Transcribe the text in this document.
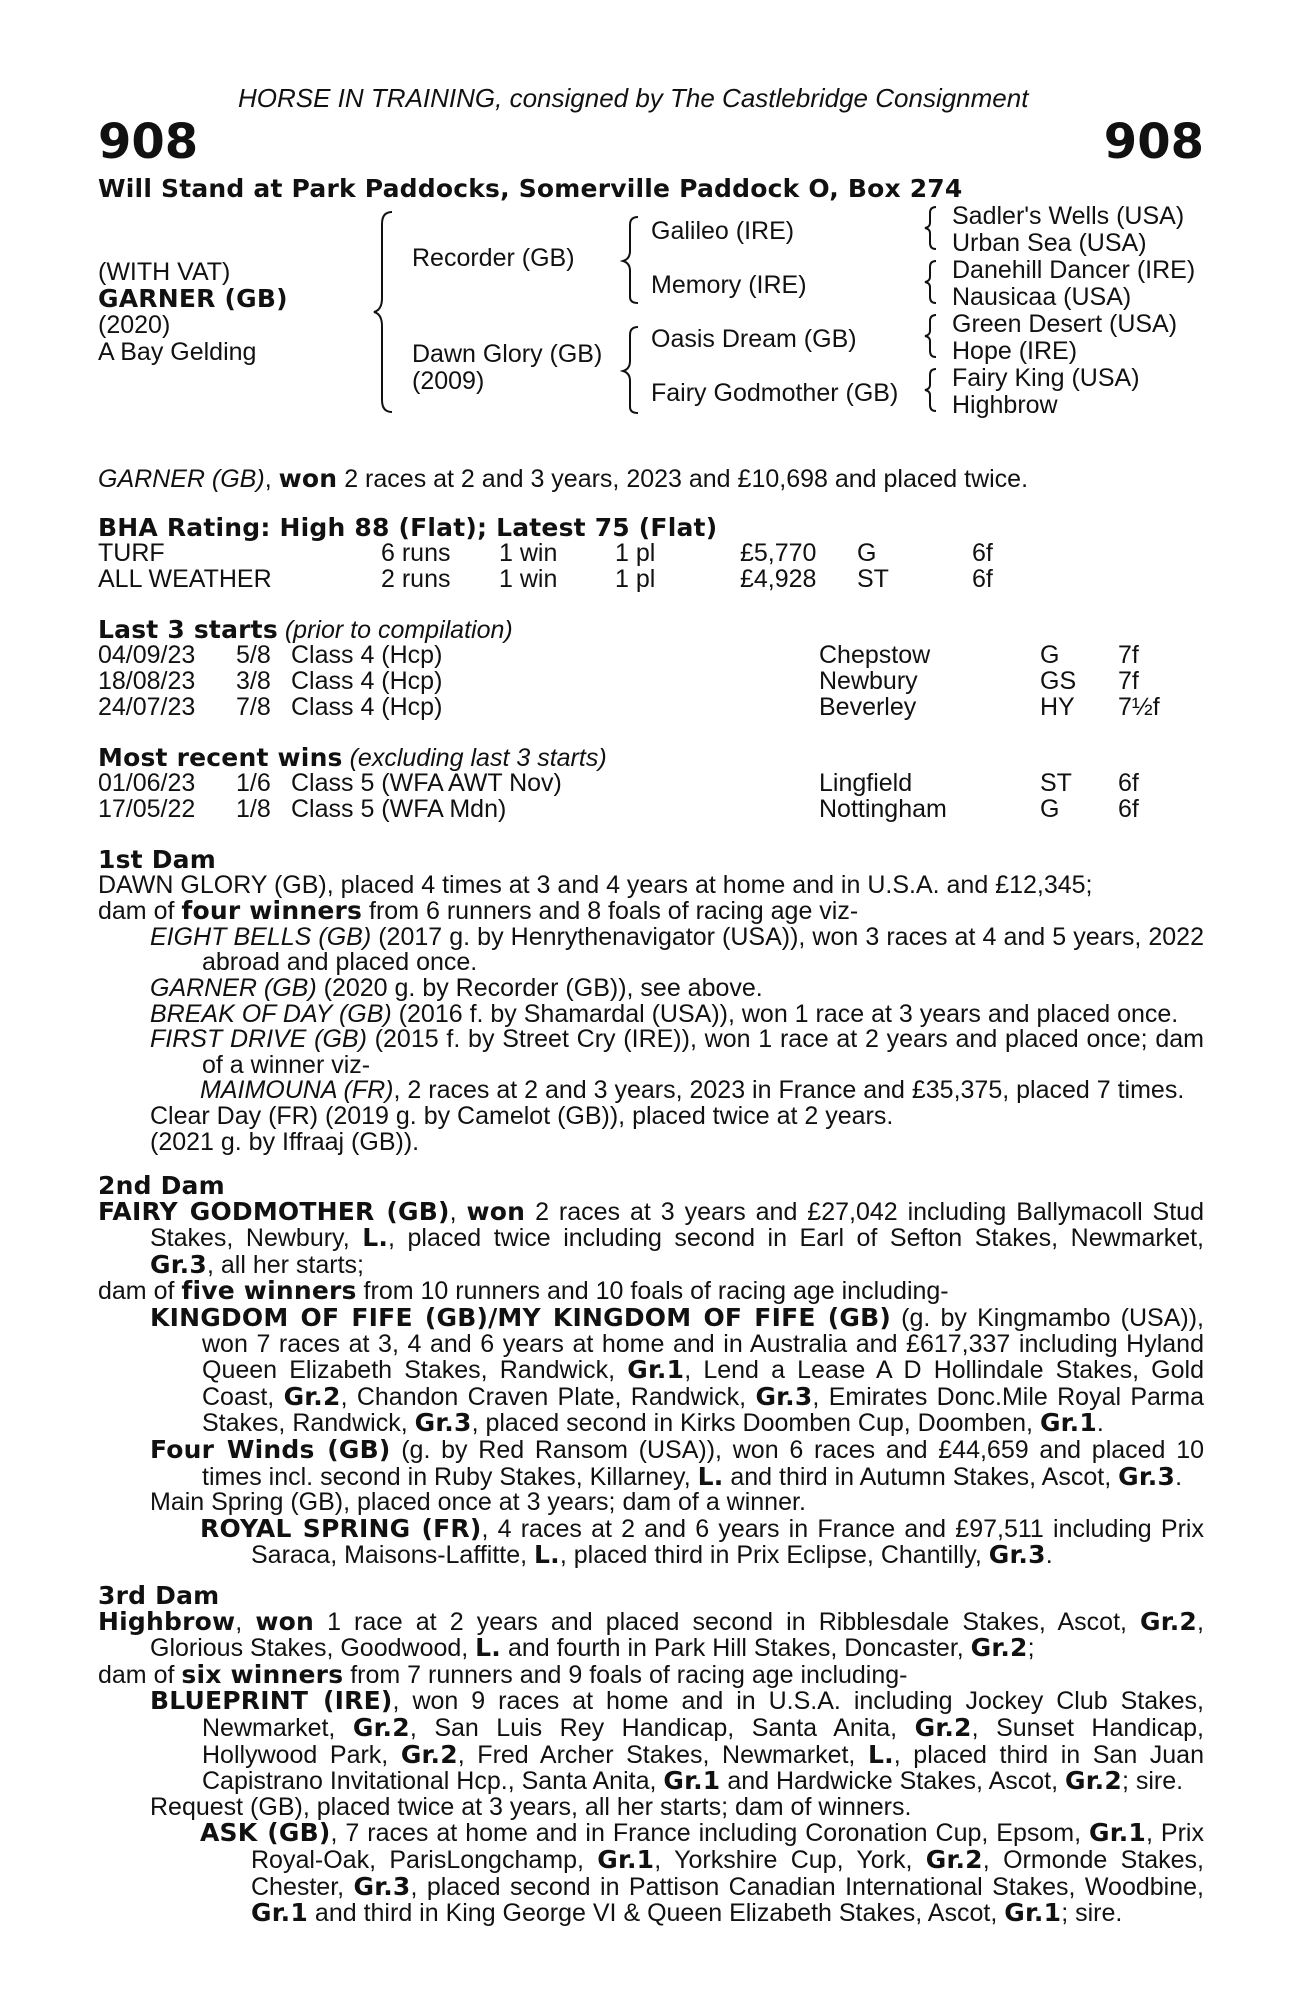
HORSE IN TRAINING, consigned by The Castlebridge Consignment
908	908
Will Stand at Park Paddocks, Somerville Paddock O, Box 274
(WITH VAT)
GARNER (GB)
(2020)
A Bay Gelding
Recorder (GB)
Dawn Glory (GB)
(2009)
Galileo (IRE)
Memory (IRE)
Oasis Dream (GB)
Fairy Godmother (GB)
Sadler's Wells (USA)
Urban Sea (USA)
Danehill Dancer (IRE)
Nausicaa (USA)
Green Desert (USA)
Hope (IRE)
Fairy King (USA)
Highbrow
GARNER (GB), won 2 races at 2 and 3 years, 2023 and £10,698 and placed twice.
BHA Rating: High 88 (Flat); Latest 75 (Flat)
TURF	6 runs 1 win 1 pl	£5,770 G	6f
ALL WEATHER	2 runs 1 win 1 pl	£4,928 ST	6f
Last 3 starts (prior to compilation)
04/09/23 5/8 Class 4 (Hcp)	Chepstow	G 7f
18/08/23 3/8 Class 4 (Hcp)	Newbury	GS 7f
24/07/23 7/8 Class 4 (Hcp)	Beverley	HY 7½f
Most recent wins (excluding last 3 starts)
01/06/23 1/6 Class 5 (WFA AWT Nov)	Lingfield	ST 6f
17/05/22 1/8 Class 5 (WFA Mdn)	Nottingham	G 6f

1st Dam

DAWN GLORY (GB), placed 4 times at 3 and 4 years at home and in U.S.A. and £12,345;

dam of four winners from 6 runners and 8 foals of racing age viz-

EIGHT BELLS (GB) (2017 g. by Henrythenavigator (USA)), won 3 races at 4 and 5 years, 2022 abroad and placed once.

GARNER (GB) (2020 g. by Recorder (GB)), see above.

BREAK OF DAY (GB) (2016 f. by Shamardal (USA)), won 1 race at 3 years and placed once.

FIRST DRIVE (GB) (2015 f. by Street Cry (IRE)), won 1 race at 2 years and placed once; dam of a winner viz-

MAIMOUNA (FR), 2 races at 2 and 3 years, 2023 in France and £35,375, placed 7 times.

Clear Day (FR) (2019 g. by Camelot (GB)), placed twice at 2 years.

(2021 g. by Iffraaj (GB)).

2nd Dam

FAIRY GODMOTHER (GB), won 2 races at 3 years and £27,042 including Ballymacoll Stud Stakes, Newbury, L., placed twice including second in Earl of Sefton Stakes, Newmarket, Gr.3, all her starts;

dam of five winners from 10 runners and 10 foals of racing age including-

KINGDOM OF FIFE (GB)/MY KINGDOM OF FIFE (GB) (g. by Kingmambo (USA)), won 7 races at 3, 4 and 6 years at home and in Australia and £617,337 including Hyland Queen Elizabeth Stakes, Randwick, Gr.1, Lend a Lease A D Hollindale Stakes, Gold Coast, Gr.2, Chandon Craven Plate, Randwick, Gr.3, Emirates Donc.Mile Royal Parma Stakes, Randwick, Gr.3, placed second in Kirks Doomben Cup, Doomben, Gr.1.

Four Winds (GB) (g. by Red Ransom (USA)), won 6 races and £44,659 and placed 10 times incl. second in Ruby Stakes, Killarney, L. and third in Autumn Stakes, Ascot, Gr.3.

Main Spring (GB), placed once at 3 years; dam of a winner.

ROYAL SPRING (FR), 4 races at 2 and 6 years in France and £97,511 including Prix Saraca, Maisons-Laffitte, L., placed third in Prix Eclipse, Chantilly, Gr.3.

3rd Dam

Highbrow, won 1 race at 2 years and placed second in Ribblesdale Stakes, Ascot, Gr.2, Glorious Stakes, Goodwood, L. and fourth in Park Hill Stakes, Doncaster, Gr.2;

dam of six winners from 7 runners and 9 foals of racing age including-

BLUEPRINT (IRE), won 9 races at home and in U.S.A. including Jockey Club Stakes, Newmarket, Gr.2, San Luis Rey Handicap, Santa Anita, Gr.2, Sunset Handicap, Hollywood Park, Gr.2, Fred Archer Stakes, Newmarket, L., placed third in San Juan Capistrano Invitational Hcp., Santa Anita, Gr.1 and Hardwicke Stakes, Ascot, Gr.2; sire.

Request (GB), placed twice at 3 years, all her starts; dam of winners.

ASK (GB), 7 races at home and in France including Coronation Cup, Epsom, Gr.1, Prix Royal-Oak, ParisLongchamp, Gr.1, Yorkshire Cup, York, Gr.2, Ormonde Stakes, Chester, Gr.3, placed second in Pattison Canadian International Stakes, Woodbine, Gr.1 and third in King George VI & Queen Elizabeth Stakes, Ascot, Gr.1; sire.
